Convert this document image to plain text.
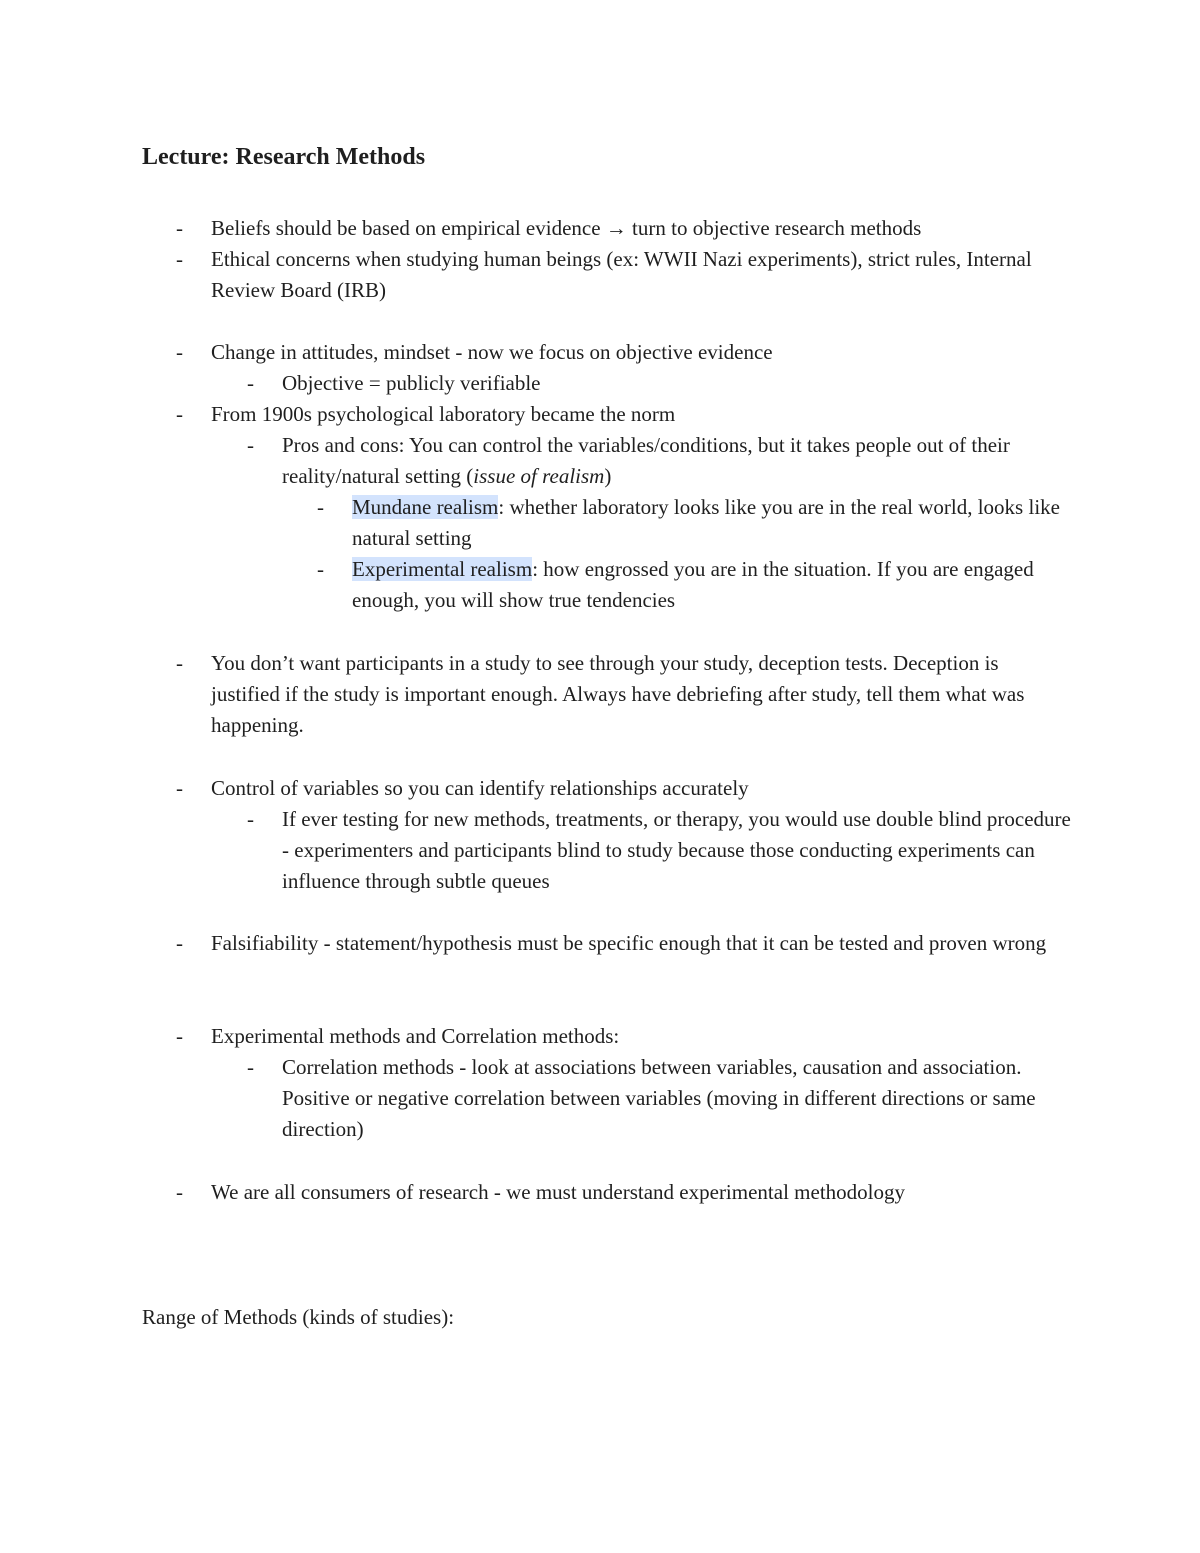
Lecture: Research Methods
- Beliefs should be based on empirical evidence → turn to objective research methods
- Ethical concerns when studying human beings (ex: WWII Nazi experiments), strict rules, Internal Review Board (IRB)
- Change in attitudes, mindset - now we focus on objective evidence
- Objective = publicly verifiable
- From 1900s psychological laboratory became the norm
- Pros and cons: You can control the variables/conditions, but it takes people out of their reality/natural setting (issue of realism)
- Mundane realism: whether laboratory looks like you are in the real world, looks like natural setting
- Experimental realism: how engrossed you are in the situation. If you are engaged enough, you will show true tendencies
- You don’t want participants in a study to see through your study, deception tests. Deception is justified if the study is important enough. Always have debriefing after study, tell them what was happening.
- Control of variables so you can identify relationships accurately
- If ever testing for new methods, treatments, or therapy, you would use double blind procedure - experimenters and participants blind to study because those conducting experiments can influence through subtle queues
- Falsifiability - statement/hypothesis must be specific enough that it can be tested and proven wrong
- Experimental methods and Correlation methods:
- Correlation methods - look at associations between variables, causation and association. Positive or negative correlation between variables (moving in different directions or same direction)
- We are all consumers of research - we must understand experimental methodology
Range of Methods (kinds of studies):
